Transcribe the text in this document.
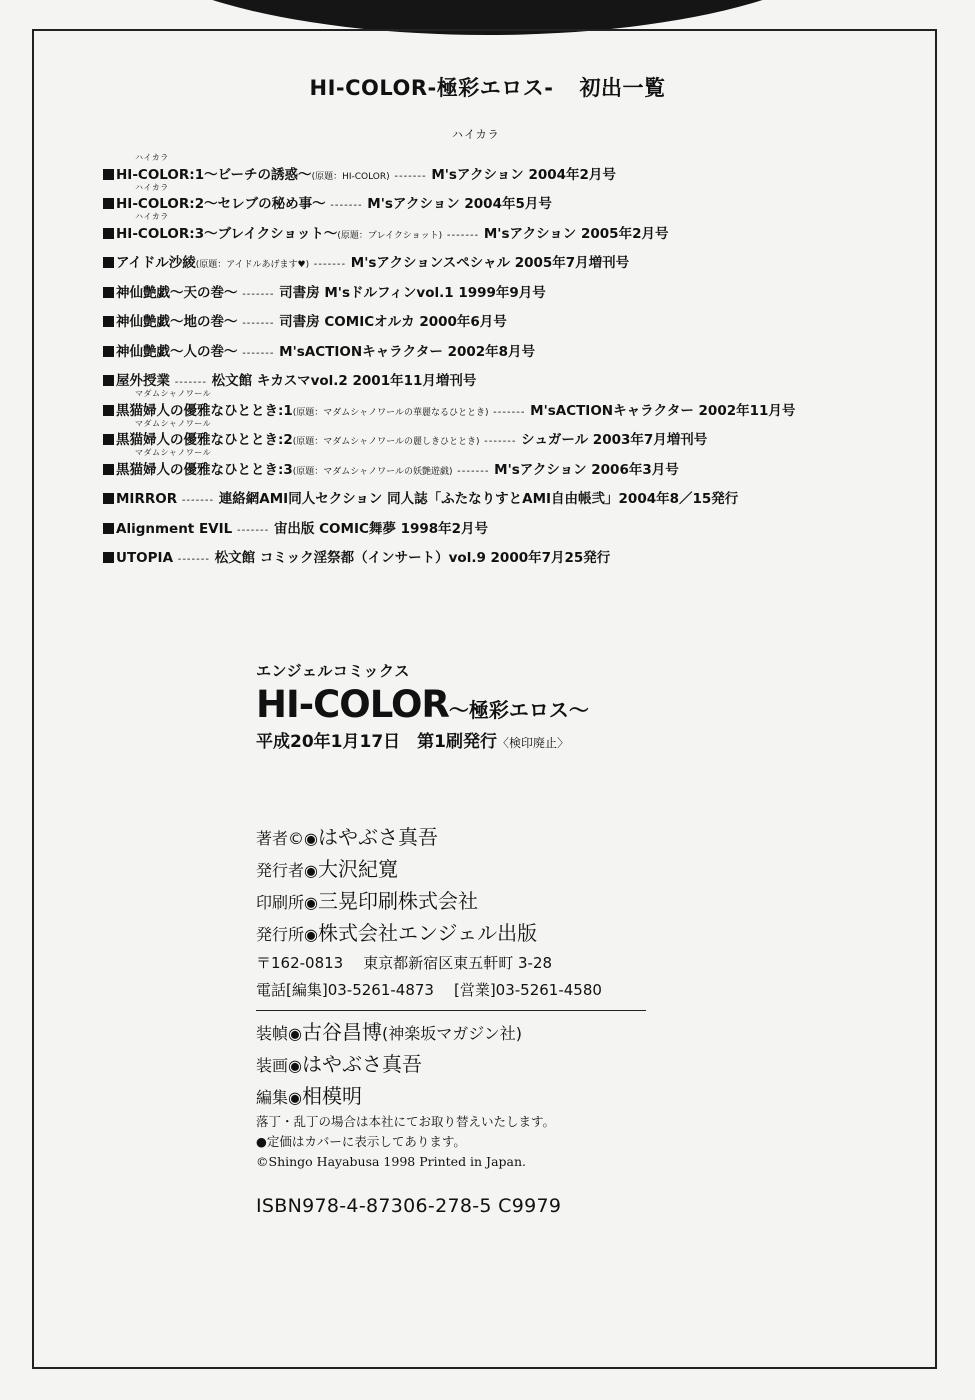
ハイカラ
HI-COLOR-極彩エロス- 初出一覧
ハイカラ
HI-COLOR:1〜ビーチの誘惑〜(原題：HI-COLOR) ------- M'sアクション 2004年2月号
ハイカラ
HI-COLOR:2〜セレブの秘め事〜 ------- M'sアクション 2004年5月号
ハイカラ
HI-COLOR:3〜ブレイクショット〜(原題：ブレイクショット) ------- M'sアクション 2005年2月号
アイドル沙綾(原題：アイドルあげます♥) ------- M'sアクションスペシャル 2005年7月増刊号
神仙艶戯〜天の巻〜 ------- 司書房 M'sドルフィンvol.1 1999年9月号
神仙艶戯〜地の巻〜 ------- 司書房 COMICオルカ 2000年6月号
神仙艶戯〜人の巻〜 ------- M'sACTIONキャラクター 2002年8月号
屋外授業 ------- 松文館 キカスマvol.2 2001年11月増刊号
マダムシャノワール
黒猫婦人の優雅なひととき:1(原題：マダムシャノワールの華麗なるひととき) ------- M'sACTIONキャラクター 2002年11月号
マダムシャノワール
黒猫婦人の優雅なひととき:2(原題：マダムシャノワールの麗しきひととき) ------- シュガール 2003年7月増刊号
マダムシャノワール
黒猫婦人の優雅なひととき:3(原題：マダムシャノワールの妖艶遊戯) ------- M'sアクション 2006年3月号
MIRROR ------- 連絡網AMI同人セクション 同人誌「ふたなりすとAMI自由帳弐」2004年8／15発行
Alignment EVIL ------- 宙出版 COMIC舞夢 1998年2月号
UTOPIA ------- 松文館 コミック淫祭都（インサート）vol.9 2000年7月25発行
エンジェルコミックス
HI-COLOR〜極彩エロス〜
平成20年1月17日　第1刷発行〈検印廃止〉
著者©◉はやぶさ真吾
発行者◉大沢紀寛
印刷所◉三晃印刷株式会社
発行所◉株式会社エンジェル出版
〒162-0813 東京都新宿区東五軒町 3-28
電話[編集]03-5261-4873 [営業]03-5261-4580
装幀◉古谷昌博(神楽坂マガジン社)
装画◉はやぶさ真吾
編集◉相模明
落丁・乱丁の場合は本社にてお取り替えいたします。
●定価はカバーに表示してあります。
©Shingo Hayabusa 1998 Printed in Japan.
ISBN978-4-87306-278-5 C9979
